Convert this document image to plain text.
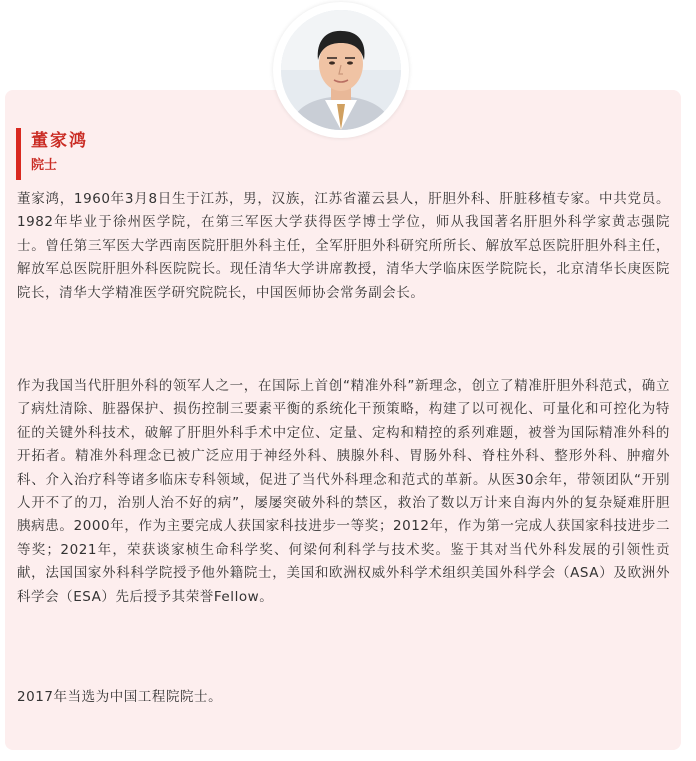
董家鸿
院士

董家鸿，1960年3月8日生于江苏，男，汉族，江苏省灌云县人，肝胆外科、肝脏移植专家。中共党员。1982年毕业于徐州医学院，在第三军医大学获得医学博士学位，师从我国著名肝胆外科学家黄志强院士。曾任第三军医大学西南医院肝胆外科主任，全军肝胆外科研究所所长、解放军总医院肝胆外科主任，解放军总医院肝胆外科医院院长。现任清华大学讲席教授，清华大学临床医学院院长，北京清华长庚医院院长，清华大学精准医学研究院院长，中国医师协会常务副会长。

作为我国当代肝胆外科的领军人之一，在国际上首创“精准外科”新理念，创立了精准肝胆外科范式，确立了病灶清除、脏器保护、损伤控制三要素平衡的系统化干预策略，构建了以可视化、可量化和可控化为特征的关键外科技术，破解了肝胆外科手术中定位、定量、定构和精控的系列难题，被誉为国际精准外科的开拓者。精准外科理念已被广泛应用于神经外科、胰腺外科、胃肠外科、脊柱外科、整形外科、肿瘤外科、介入治疗科等诸多临床专科领域，促进了当代外科理念和范式的革新。从医30余年，带领团队“开别人开不了的刀，治别人治不好的病”，屡屡突破外科的禁区，救治了数以万计来自海内外的复杂疑难肝胆胰病患。2000年，作为主要完成人获国家科技进步一等奖；2012年，作为第一完成人获国家科技进步二等奖；2021年，荣获谈家桢生命科学奖、何梁何利科学与技术奖。鉴于其对当代外科发展的引领性贡献，法国国家外科科学院授予他外籍院士，美国和欧洲权威外科学术组织美国外科学会（ASA）及欧洲外科学会（ESA）先后授予其荣誉Fellow。

2017年当选为中国工程院院士。
